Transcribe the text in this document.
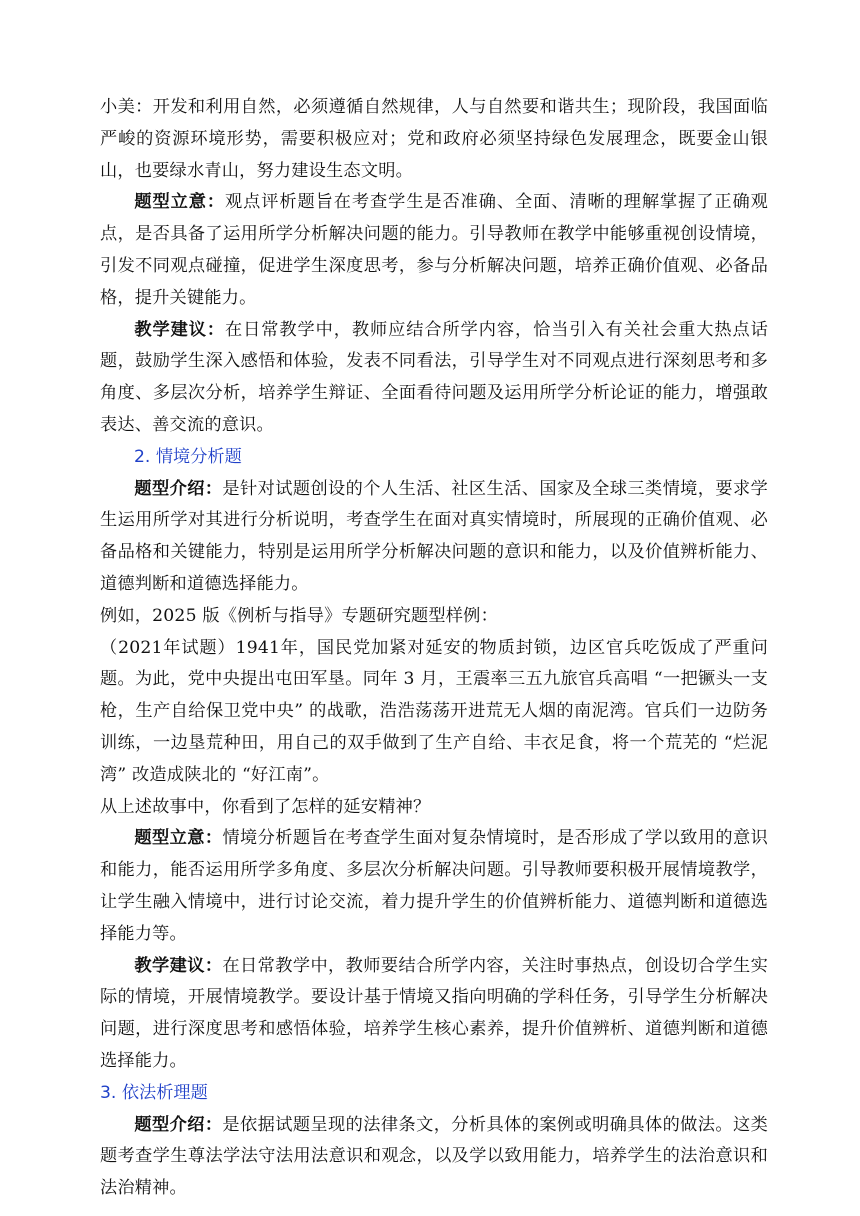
小美：开发和利用自然，必须遵循自然规律，人与自然要和谐共生；现阶段，我国面临严峻的资源环境形势，需要积极应对；党和政府必须坚持绿色发展理念，既要金山银山，也要绿水青山，努力建设生态文明。

题型立意：观点评析题旨在考查学生是否准确、全面、清晰的理解掌握了正确观点，是否具备了运用所学分析解决问题的能力。引导教师在教学中能够重视创设情境，引发不同观点碰撞，促进学生深度思考，参与分析解决问题，培养正确价值观、必备品格，提升关键能力。

教学建议：在日常教学中，教师应结合所学内容，恰当引入有关社会重大热点话题，鼓励学生深入感悟和体验，发表不同看法，引导学生对不同观点进行深刻思考和多角度、多层次分析，培养学生辩证、全面看待问题及运用所学分析论证的能力，增强敢表达、善交流的意识。

2. 情境分析题

题型介绍：是针对试题创设的个人生活、社区生活、国家及全球三类情境，要求学生运用所学对其进行分析说明，考查学生在面对真实情境时，所展现的正确价值观、必备品格和关键能力，特别是运用所学分析解决问题的意识和能力，以及价值辨析能力、道德判断和道德选择能力。

例如，2025 版《例析与指导》专题研究题型样例：

（2021年试题）1941年，国民党加紧对延安的物质封锁，边区官兵吃饭成了严重问题。为此，党中央提出屯田军垦。同年 3 月，王震率三五九旅官兵高唱 “一把镢头一支枪，生产自给保卫党中央” 的战歌，浩浩荡荡开进荒无人烟的南泥湾。官兵们一边防务训练，一边垦荒种田，用自己的双手做到了生产自给、丰衣足食，将一个荒芜的 “烂泥湾” 改造成陕北的 “好江南”。

从上述故事中，你看到了怎样的延安精神？

题型立意：情境分析题旨在考查学生面对复杂情境时，是否形成了学以致用的意识和能力，能否运用所学多角度、多层次分析解决问题。引导教师要积极开展情境教学，让学生融入情境中，进行讨论交流，着力提升学生的价值辨析能力、道德判断和道德选择能力等。

教学建议：在日常教学中，教师要结合所学内容，关注时事热点，创设切合学生实际的情境，开展情境教学。要设计基于情境又指向明确的学科任务，引导学生分析解决问题，进行深度思考和感悟体验，培养学生核心素养，提升价值辨析、道德判断和道德选择能力。

3. 依法析理题

题型介绍：是依据试题呈现的法律条文，分析具体的案例或明确具体的做法。这类题考查学生尊法学法守法用法意识和观念，以及学以致用能力，培养学生的法治意识和法治精神。
